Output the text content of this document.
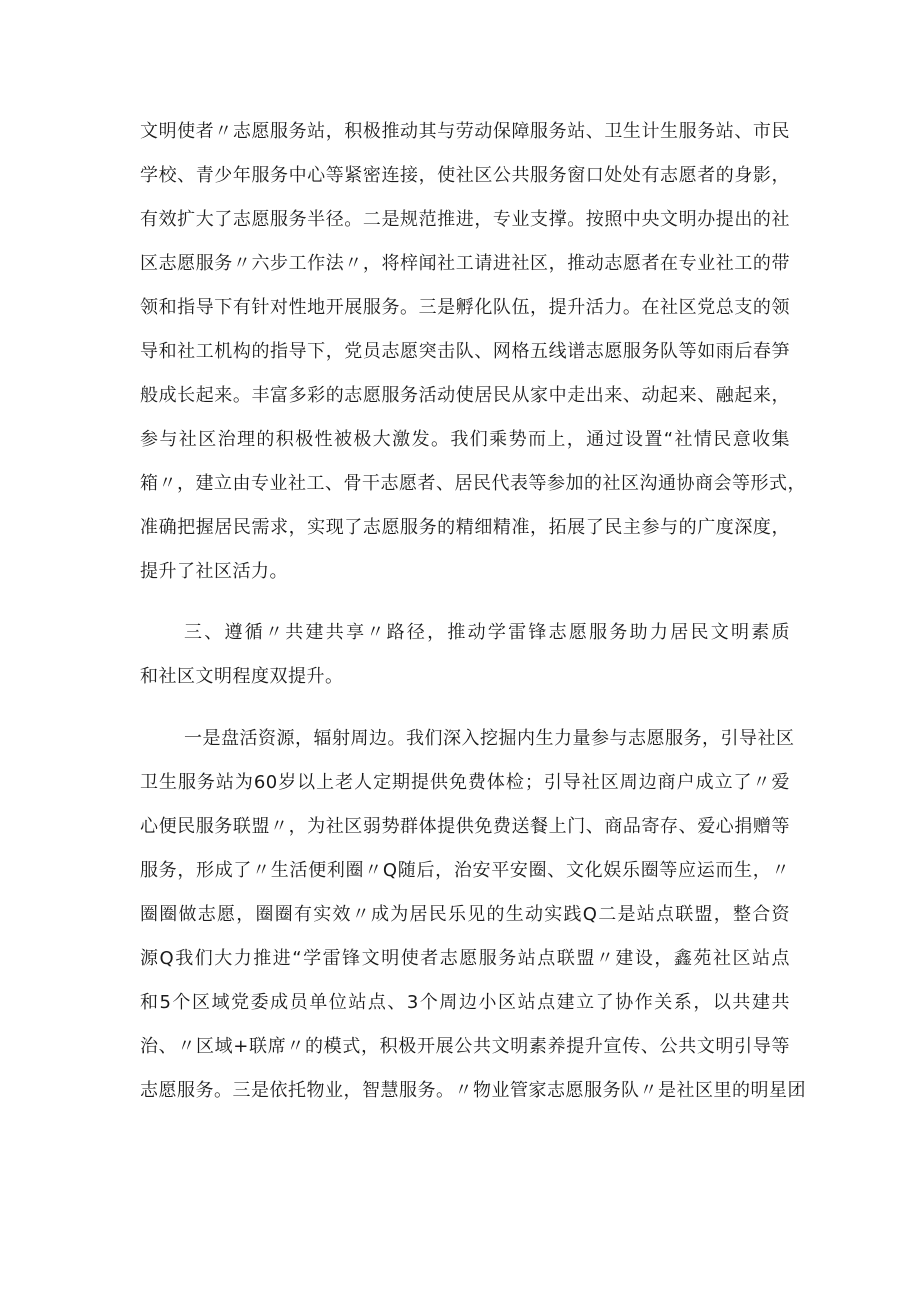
文明使者〃志愿服务站，积极推动其与劳动保障服务站、卫生计生服务站、市民
学校、青少年服务中心等紧密连接，使社区公共服务窗口处处有志愿者的身影，
有效扩大了志愿服务半径。二是规范推进，专业支撑。按照中央文明办提出的社
区志愿服务〃六步工作法〃，将梓闻社工请进社区，推动志愿者在专业社工的带
领和指导下有针对性地开展服务。三是孵化队伍，提升活力。在社区党总支的领
导和社工机构的指导下，党员志愿突击队、网格五线谱志愿服务队等如雨后春笋
般成长起来。丰富多彩的志愿服务活动使居民从家中走出来、动起来、融起来，
参与社区治理的积极性被极大激发。我们乘势而上，通过设置“社情民意收集
箱〃，建立由专业社工、骨干志愿者、居民代表等参加的社区沟通协商会等形式，
准确把握居民需求，实现了志愿服务的精细精准，拓展了民主参与的广度深度，
提升了社区活力。
三、遵循〃共建共享〃路径，推动学雷锋志愿服务助力居民文明素质
和社区文明程度双提升。
一是盘活资源，辐射周边。我们深入挖掘内生力量参与志愿服务，引导社区
卫生服务站为60岁以上老人定期提供免费体检；引导社区周边商户成立了〃爱
心便民服务联盟〃，为社区弱势群体提供免费送餐上门、商品寄存、爱心捐赠等
服务，形成了〃生活便利圈〃Q随后，治安平安圈、文化娱乐圈等应运而生，〃
圈圈做志愿，圈圈有实效〃成为居民乐见的生动实践Q二是站点联盟，整合资
源Q我们大力推进“学雷锋文明使者志愿服务站点联盟〃建设，鑫苑社区站点
和5个区域党委成员单位站点、3个周边小区站点建立了协作关系，以共建共
治、〃区域+联席〃的模式，积极开展公共文明素养提升宣传、公共文明引导等
志愿服务。三是依托物业，智慧服务。〃物业管家志愿服务队〃是社区里的明星团
